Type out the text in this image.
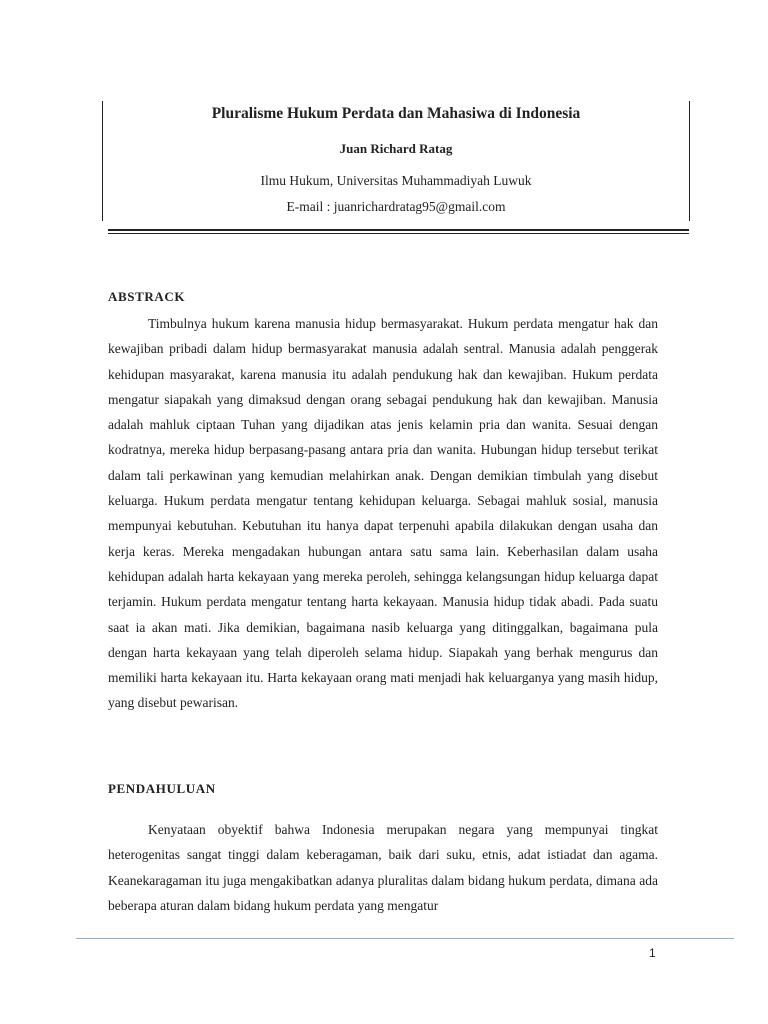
Pluralisme Hukum Perdata dan Mahasiwa di Indonesia
Juan Richard Ratag
Ilmu Hukum, Universitas Muhammadiyah Luwuk
E-mail : juanrichardratag95@gmail.com
ABSTRACK

Timbulnya hukum karena manusia hidup bermasyarakat. Hukum perdata mengatur hak dan kewajiban pribadi dalam hidup bermasyarakat manusia adalah sentral. Manusia adalah penggerak kehidupan masyarakat, karena manusia itu adalah pendukung hak dan kewajiban. Hukum perdata mengatur siapakah yang dimaksud dengan orang sebagai pendukung hak dan kewajiban. Manusia adalah mahluk ciptaan Tuhan yang dijadikan atas jenis kelamin pria dan wanita. Sesuai dengan kodratnya, mereka hidup berpasang-pasang antara pria dan wanita. Hubungan hidup tersebut terikat dalam tali perkawinan yang kemudian melahirkan anak. Dengan demikian timbulah yang disebut keluarga. Hukum perdata mengatur tentang kehidupan keluarga. Sebagai mahluk sosial, manusia mempunyai kebutuhan. Kebutuhan itu hanya dapat terpenuhi apabila dilakukan dengan usaha dan kerja keras. Mereka mengadakan hubungan antara satu sama lain. Keberhasilan dalam usaha kehidupan adalah harta kekayaan yang mereka peroleh, sehingga kelangsungan hidup keluarga dapat terjamin. Hukum perdata mengatur tentang harta kekayaan. Manusia hidup tidak abadi. Pada suatu saat ia akan mati. Jika demikian, bagaimana nasib keluarga yang ditinggalkan, bagaimana pula dengan harta kekayaan yang telah diperoleh selama hidup. Siapakah yang berhak mengurus dan memiliki harta kekayaan itu. Harta kekayaan orang mati menjadi hak keluarganya yang masih hidup, yang disebut pewarisan.

PENDAHULUAN

Kenyataan obyektif bahwa Indonesia merupakan negara yang mempunyai tingkat heterogenitas sangat tinggi dalam keberagaman, baik dari suku, etnis, adat istiadat dan agama. Keanekaragaman itu juga mengakibatkan adanya pluralitas dalam bidang hukum perdata, dimana ada beberapa aturan dalam bidang hukum perdata yang mengatur

1
